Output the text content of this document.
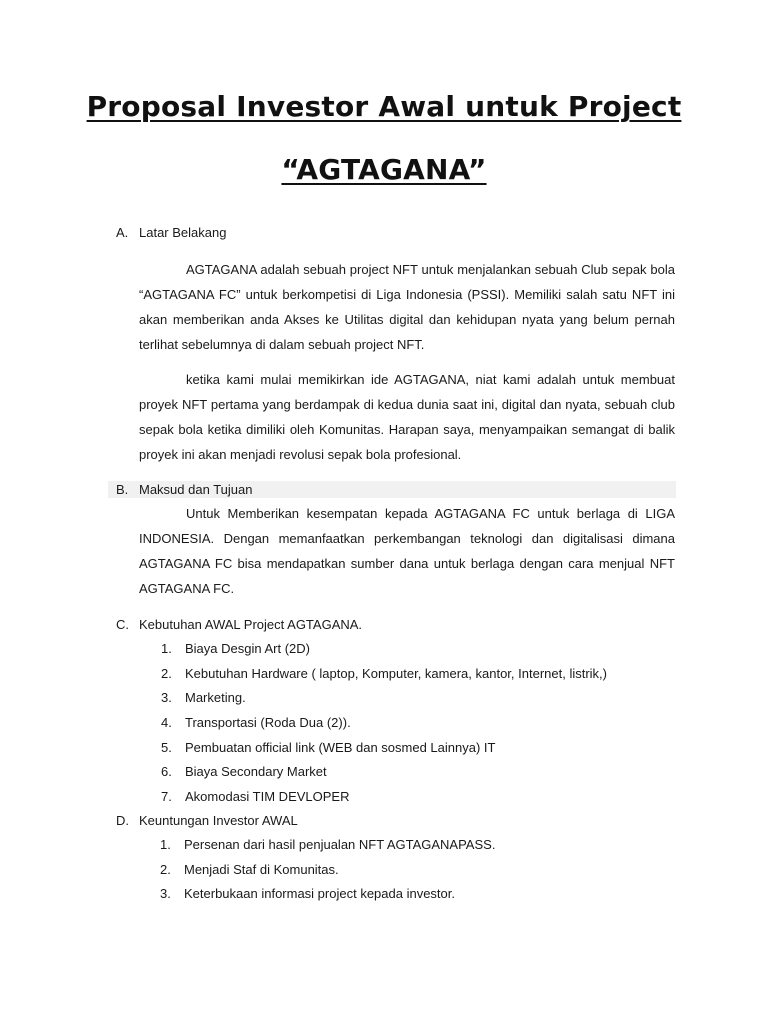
Proposal Investor Awal untuk Project
“AGTAGANA”
A. Latar Belakang

AGTAGANA adalah sebuah project NFT untuk menjalankan sebuah Club sepak bola “AGTAGANA FC” untuk berkompetisi di Liga Indonesia (PSSI). Memiliki salah satu NFT ini akan memberikan anda Akses ke Utilitas digital dan kehidupan nyata yang belum pernah terlihat sebelumnya di dalam sebuah project NFT.

ketika kami mulai memikirkan ide AGTAGANA, niat kami adalah untuk membuat proyek NFT pertama yang berdampak di kedua dunia saat ini, digital dan nyata, sebuah club sepak bola ketika dimiliki oleh Komunitas. Harapan saya, menyampaikan semangat di balik proyek ini akan menjadi revolusi sepak bola profesional.

B. Maksud dan Tujuan

Untuk Memberikan kesempatan kepada AGTAGANA FC untuk berlaga di LIGA INDONESIA. Dengan memanfaatkan perkembangan teknologi dan digitalisasi dimana AGTAGANA FC bisa mendapatkan sumber dana untuk berlaga dengan cara menjual NFT AGTAGANA FC.

C. Kebutuhan AWAL Project AGTAGANA.
1. Biaya Desgin Art (2D)
2. Kebutuhan Hardware ( laptop, Komputer, kamera, kantor, Internet, listrik,)
3. Marketing.
4. Transportasi (Roda Dua (2)).
5. Pembuatan official link (WEB dan sosmed Lainnya) IT
6. Biaya Secondary Market
7. Akomodasi TIM DEVLOPER
D. Keuntungan Investor AWAL
1. Persenan dari hasil penjualan NFT AGTAGANAPASS.
2. Menjadi Staf di Komunitas.
3. Keterbukaan informasi project kepada investor.
